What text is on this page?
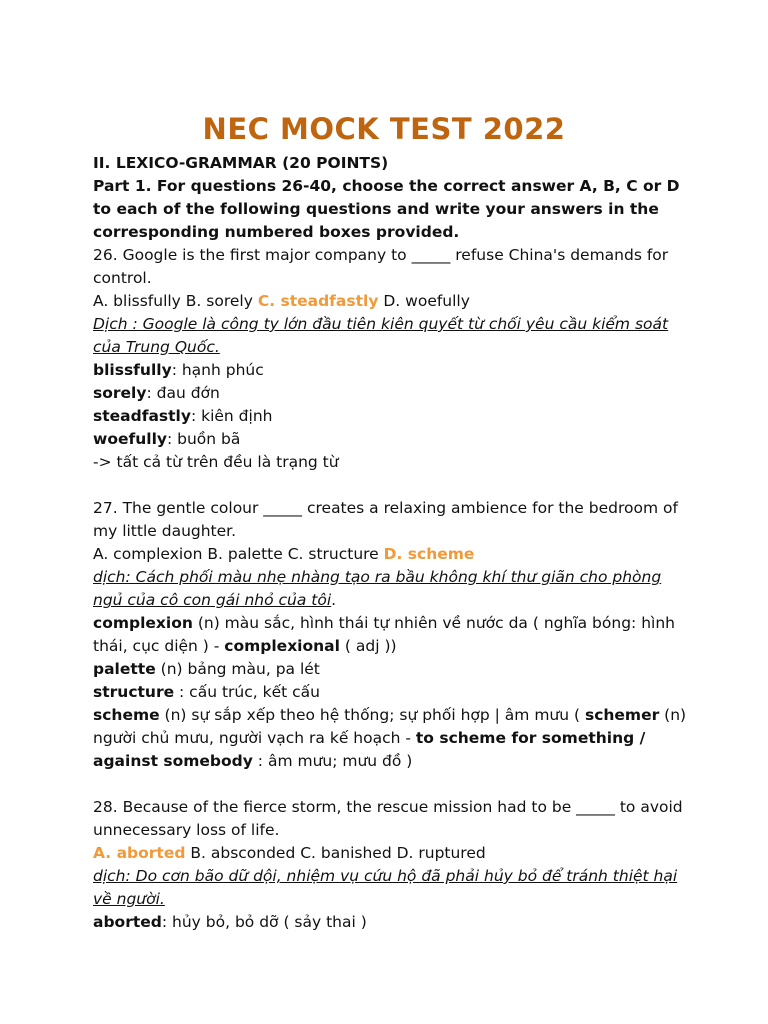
NEC MOCK TEST 2022

II. LEXICO-GRAMMAR (20 POINTS)

Part 1. For questions 26-40, choose the correct answer A, B, C or D to each of the following questions and write your answers in the corresponding numbered boxes provided.

26. Google is the first major company to _____ refuse China's demands for control.

A. blissfully B. sorely C. steadfastly D. woefully

Dịch : Google là công ty lớn đầu tiên kiên quyết từ chối yêu cầu kiểm soát của Trung Quốc.

blissfully: hạnh phúc

sorely: đau đớn

steadfastly: kiên định

woefully: buồn bã

-> tất cả từ trên đều là trạng từ

27. The gentle colour _____ creates a relaxing ambience for the bedroom of my little daughter.

A. complexion B. palette C. structure D. scheme

dịch: Cách phối màu nhẹ nhàng tạo ra bầu không khí thư giãn cho phòng ngủ của cô con gái nhỏ của tôi.

complexion (n) màu sắc, hình thái tự nhiên về nước da ( nghĩa bóng: hình thái, cục diện ) - complexional ( adj ))

palette (n) bảng màu, pa lét

structure : cấu trúc, kết cấu

scheme (n) sự sắp xếp theo hệ thống; sự phối hợp | âm mưu ( schemer (n) người chủ mưu, người vạch ra kế hoạch - to scheme for something / against somebody : âm mưu; mưu đồ )

28. Because of the fierce storm, the rescue mission had to be _____ to avoid unnecessary loss of life.

A. aborted B. absconded C. banished D. ruptured

dịch: Do cơn bão dữ dội, nhiệm vụ cứu hộ đã phải hủy bỏ để tránh thiệt hại về người.

aborted: hủy bỏ, bỏ dỡ ( sảy thai )
